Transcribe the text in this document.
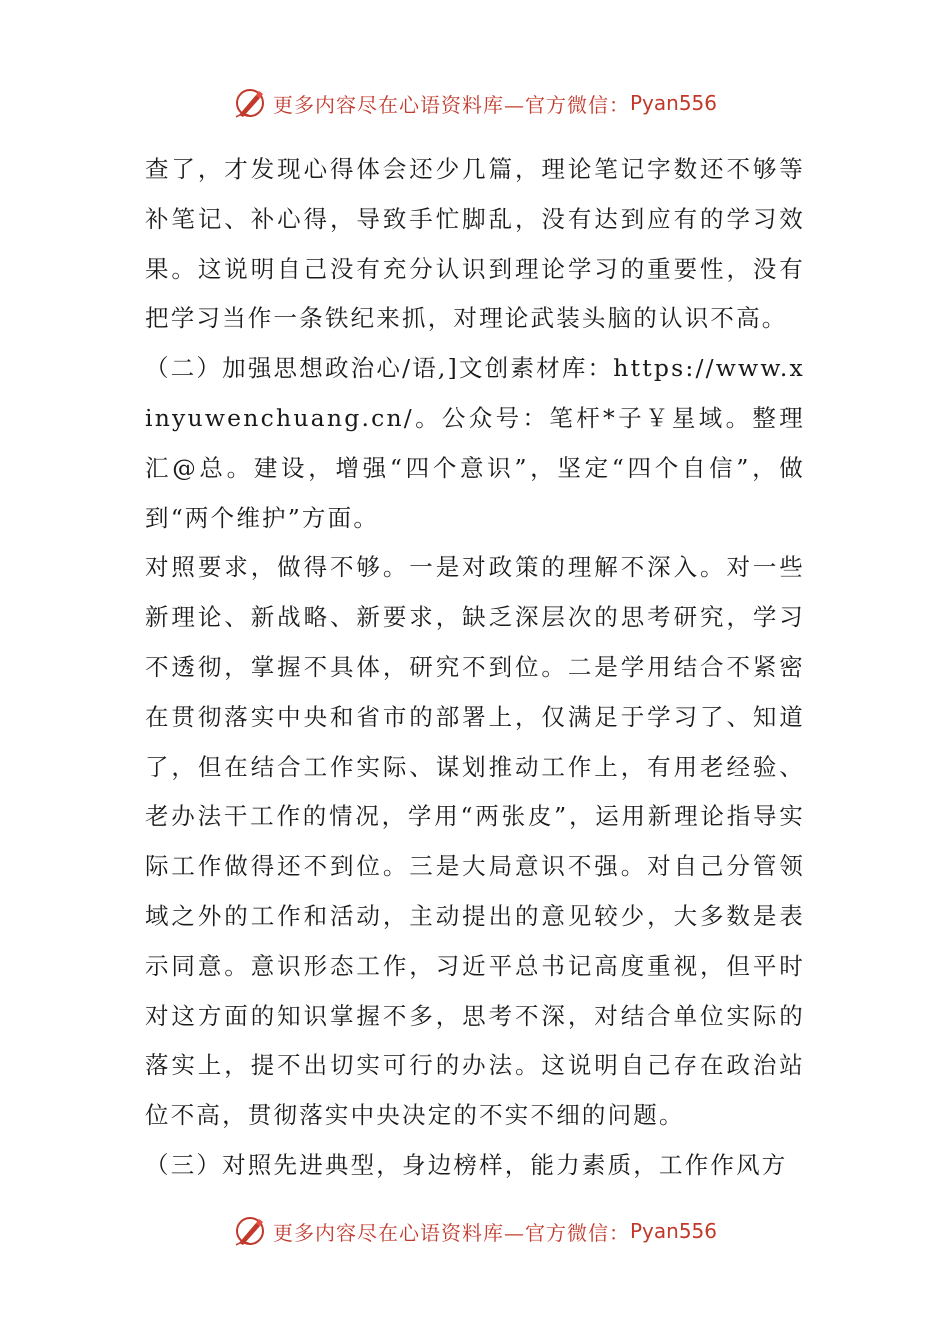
更多内容尽在心语资料库—官方微信： Pyan556

查了，才发现心得体会还少几篇，理论笔记字数还不够等补笔记、补心得，导致手忙脚乱，没有达到应有的学习效果。这说明自己没有充分认识到理论学习的重要性，没有把学习当作一条铁纪来抓，对理论武装头脑的认识不高。

（二）加强思想政治心/语,]文创素材库：https://www.xinyuwenchuang.cn/。公众号：笔杆*子￥星域。整理汇@总。建设，增强“四个意识”，坚定“四个自信”，做到“两个维护”方面。

对照要求，做得不够。一是对政策的理解不深入。对一些新理论、新战略、新要求，缺乏深层次的思考研究，学习不透彻，掌握不具体，研究不到位。二是学用结合不紧密在贯彻落实中央和省市的部署上，仅满足于学习了、知道了，但在结合工作实际、谋划推动工作上，有用老经验、老办法干工作的情况，学用“两张皮”，运用新理论指导实际工作做得还不到位。三是大局意识不强。对自己分管领域之外的工作和活动，主动提出的意见较少，大多数是表示同意。意识形态工作，习近平总书记高度重视，但平时对这方面的知识掌握不多，思考不深，对结合单位实际的落实上，提不出切实可行的办法。这说明自己存在政治站位不高，贯彻落实中央决定的不实不细的问题。

（三）对照先进典型，身边榜样，能力素质，工作作风方

更多内容尽在心语资料库—官方微信： Pyan556
